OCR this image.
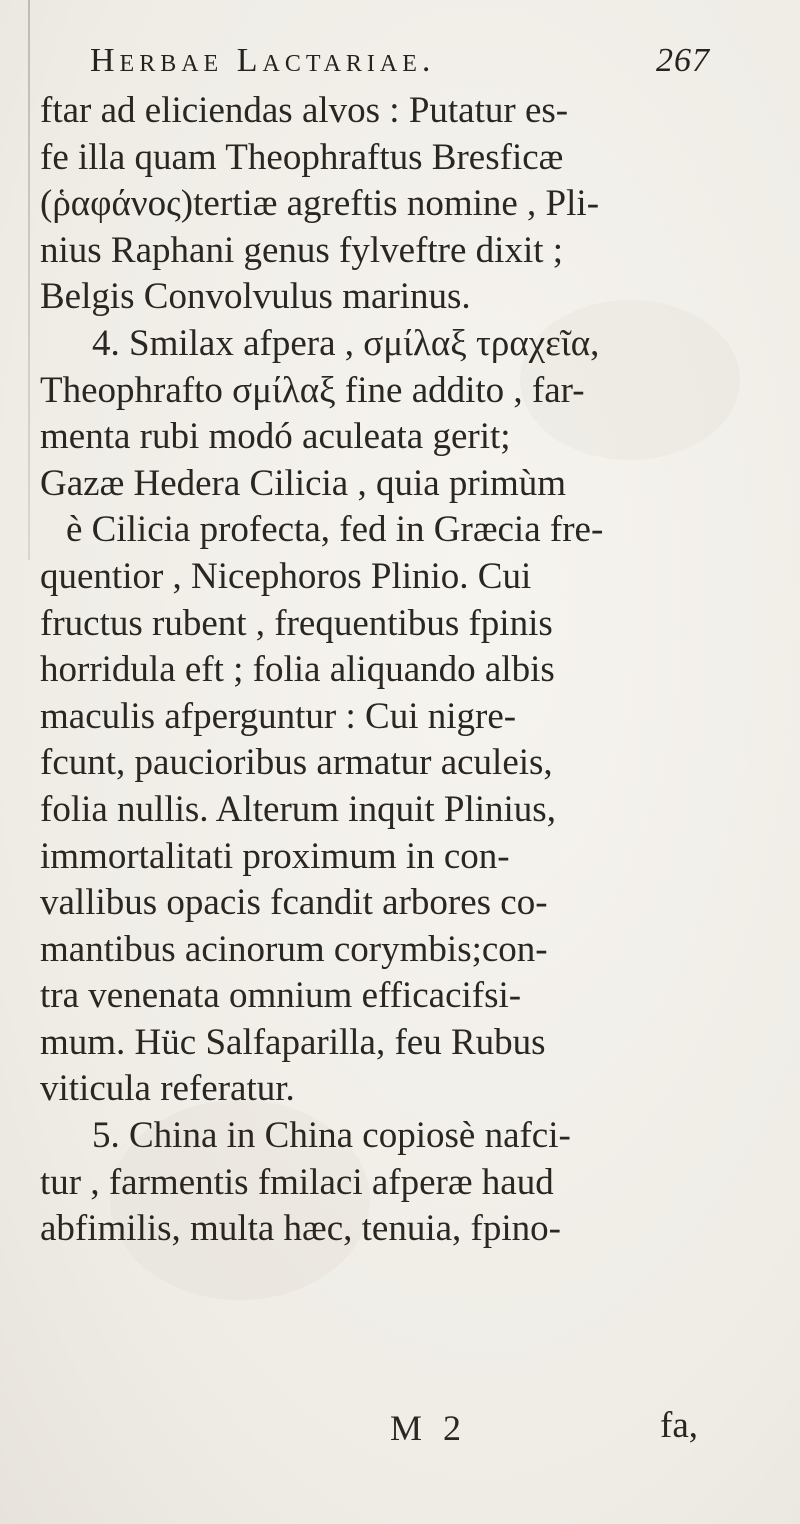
Herbae Lactariae.	267
ftar ad eliciendas alvos : Putatur es-
fe illa quam Theophraftus Bresficæ
(ῥαφάνος)tertiæ agreftis nomine , Pli-
nius Raphani genus fylveftre dixit ;
Belgis Convolvulus marinus.
4. Smilax afpera , σμίλαξ τραχεῖα,
Theophrafto σμίλαξ fine addito , far-
menta rubi modó aculeata gerit;
Gazæ Hedera Cilicia , quia primùm
è Cilicia profecta, fed in Græcia fre-
quentior , Nicephoros Plinio. Cui
fructus rubent , frequentibus fpinis
horridula eft ; folia aliquando albis
maculis afperguntur : Cui nigre-
fcunt, paucioribus armatur aculeis,
folia nullis. Alterum inquit Plinius,
immortalitati proximum in con-
vallibus opacis fcandit arbores co-
mantibus acinorum corymbis;con-
tra venenata omnium efficacifsi-
mum. Hüc Salfaparilla, feu Rubus
viticula referatur.
5. China in China copiosè nafci-
tur , farmentis fmilaci afperæ haud
abfimilis, multa hæc, tenuia, fpino-
M 2	fa,
